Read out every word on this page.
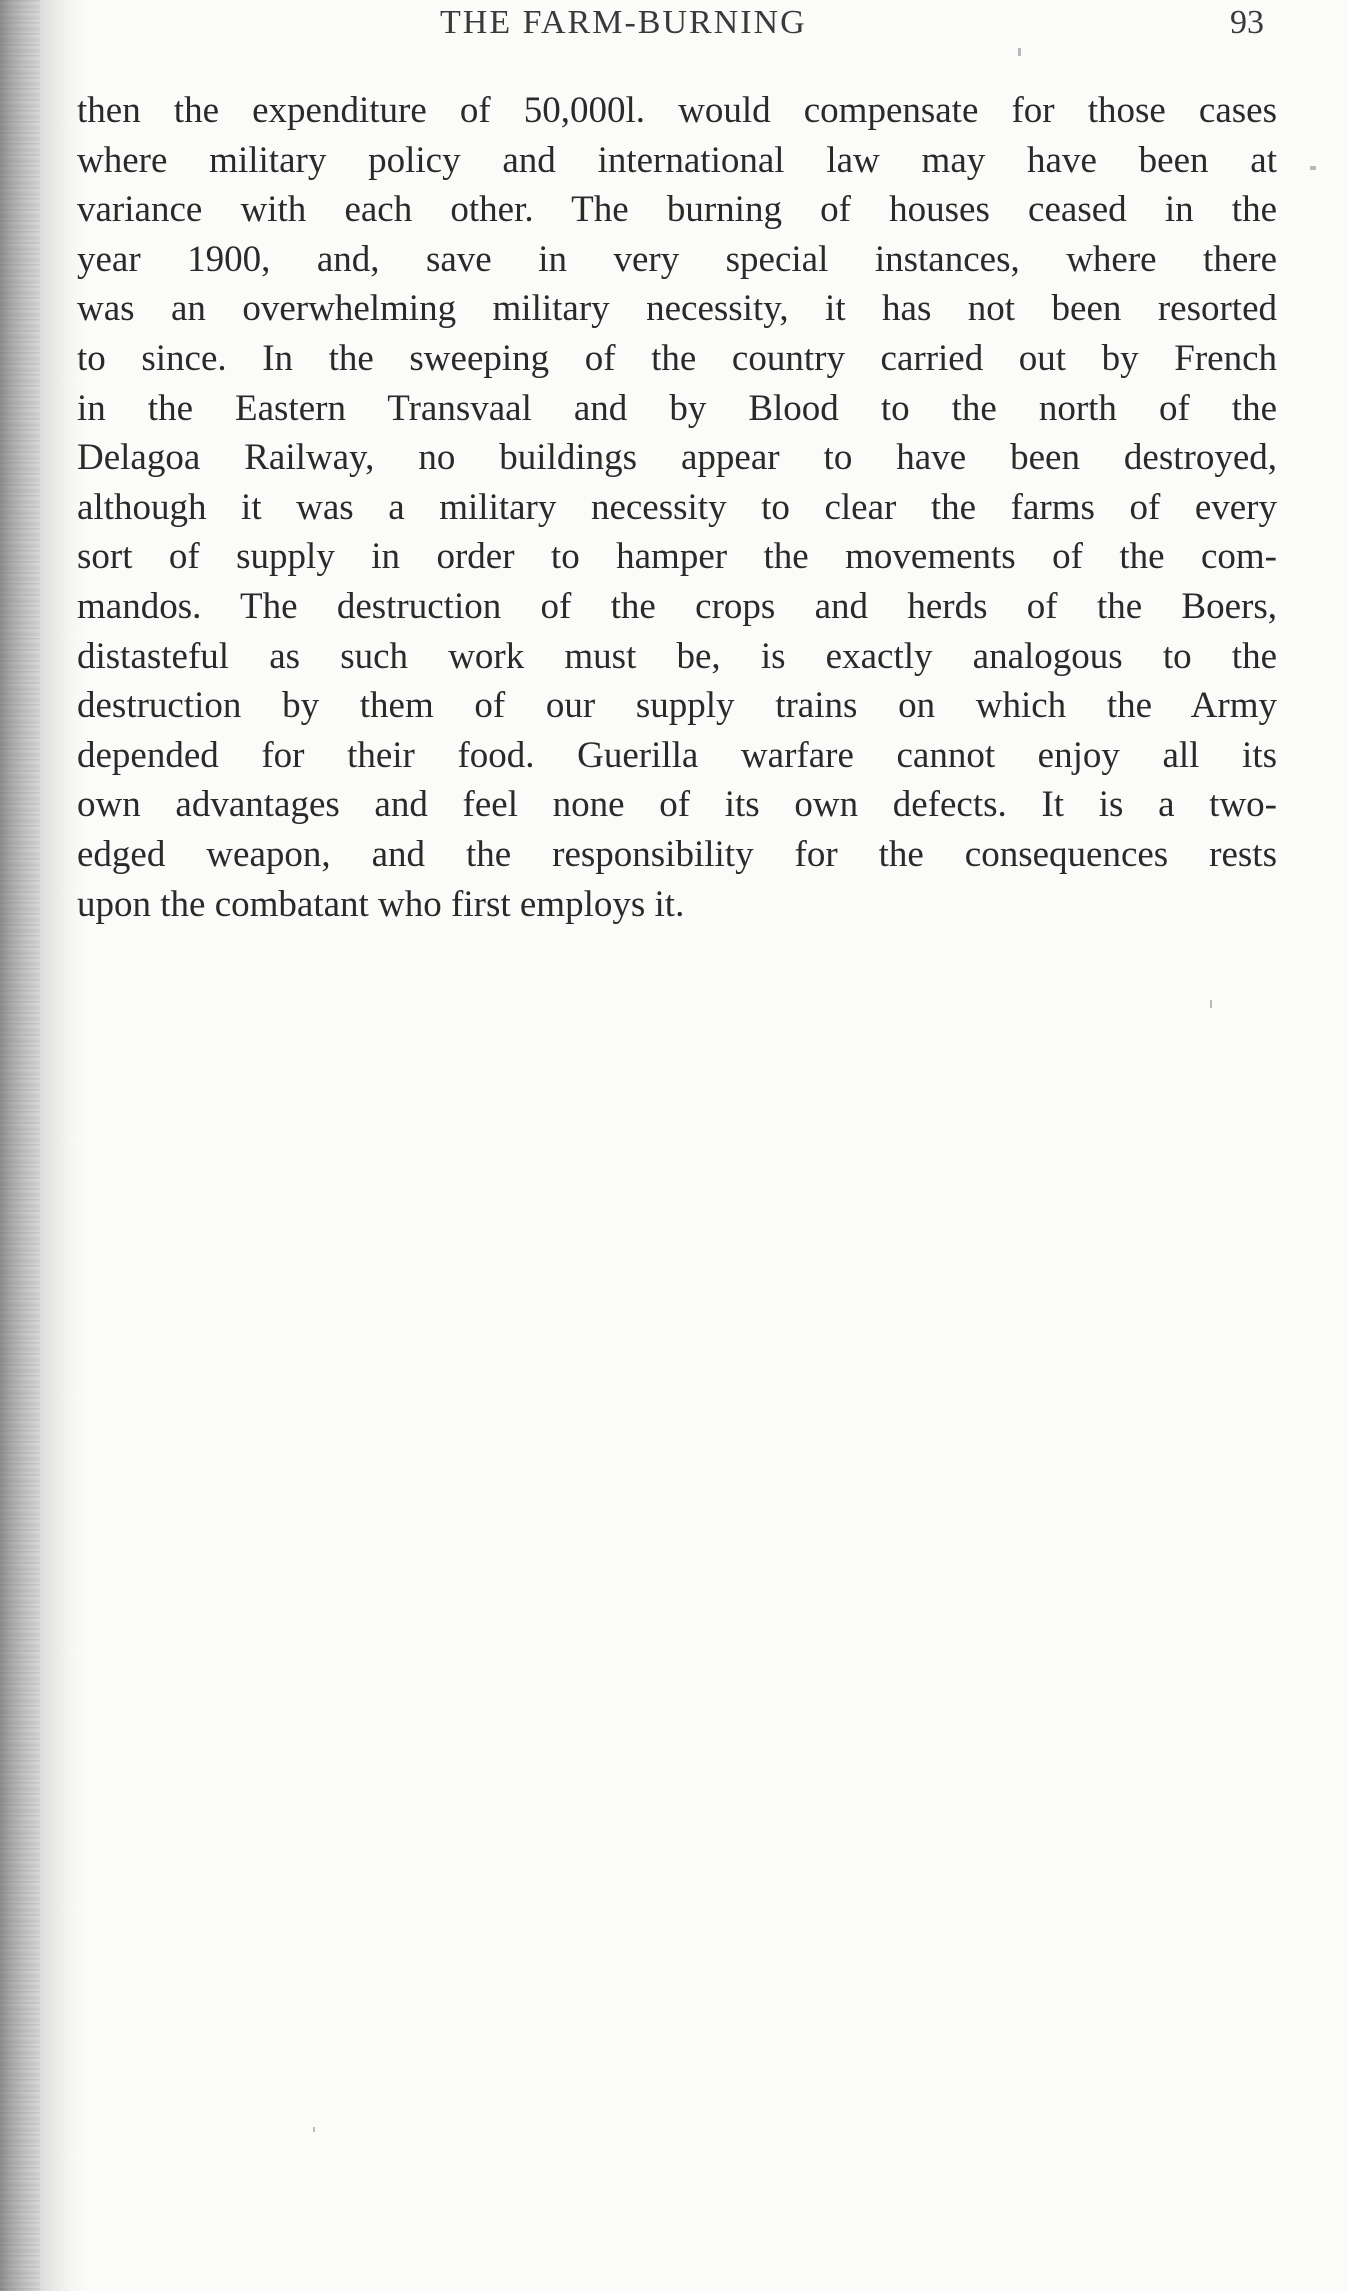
THE FARM-BURNING	93
then the expenditure of 50,000l. would compensate for those cases
where military policy and international law may have been at
variance with each other. The burning of houses ceased in the
year 1900, and, save in very special instances, where there
was an overwhelming military necessity, it has not been resorted
to since. In the sweeping of the country carried out by French
in the Eastern Transvaal and by Blood to the north of the
Delagoa Railway, no buildings appear to have been destroyed,
although it was a military necessity to clear the farms of every
sort of supply in order to hamper the movements of the com-
mandos. The destruction of the crops and herds of the Boers,
distasteful as such work must be, is exactly analogous to the
destruction by them of our supply trains on which the Army
depended for their food. Guerilla warfare cannot enjoy all its
own advantages and feel none of its own defects. It is a two-
edged weapon, and the responsibility for the consequences rests
upon the combatant who first employs it.
